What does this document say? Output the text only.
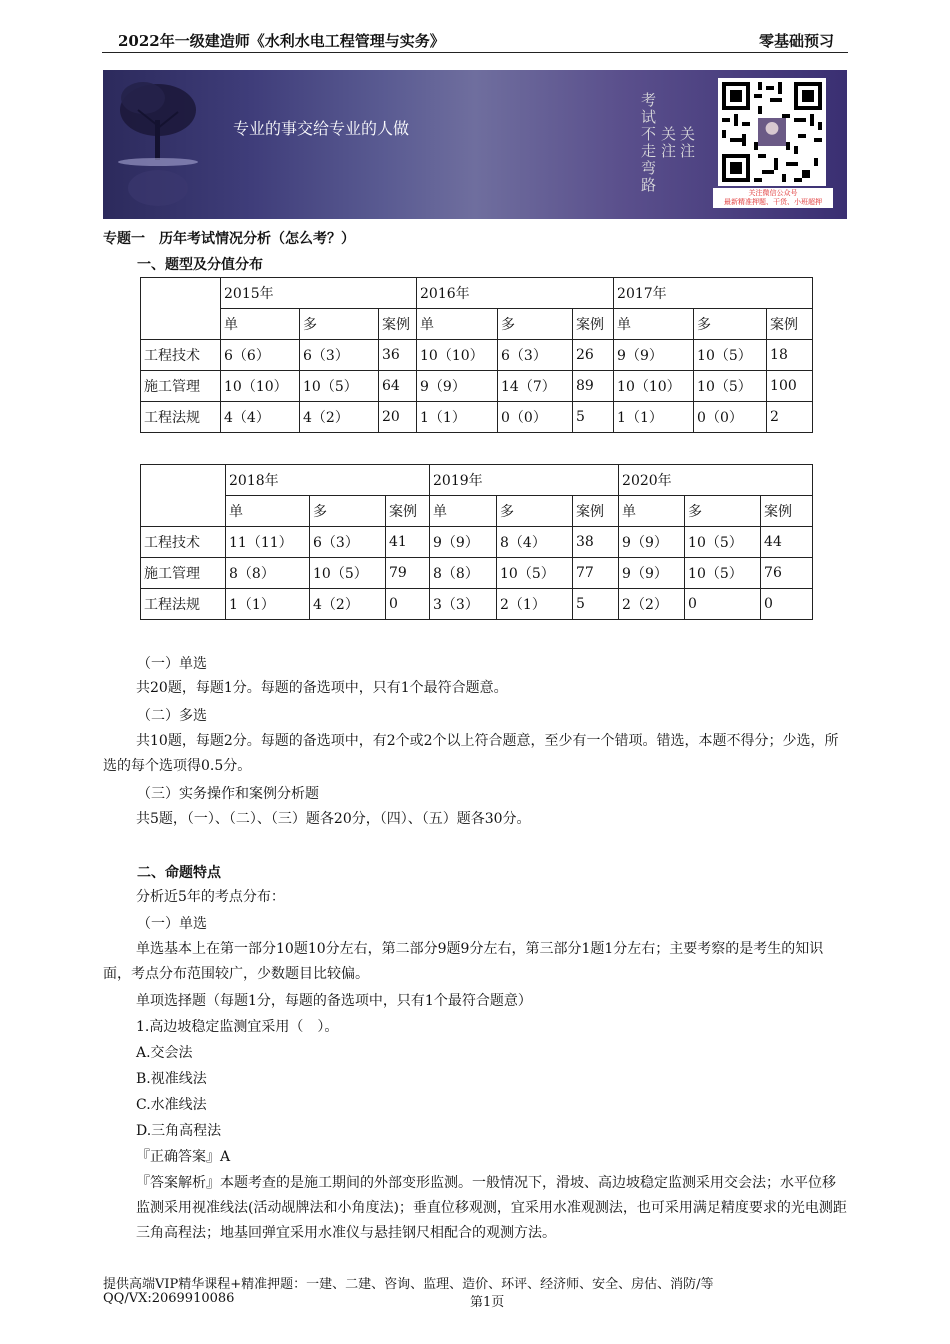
2022年一级建造师《水利水电工程管理与实务》	零基础预习
专业的事交给专业的人做
考试不走弯路
关注
关注
关注微信公众号
最新精准押题、干货、小班超押
专题一　历年考试情况分析（怎么考？）
一、题型及分值分布
	2015年			2016年			2017年		
	单	多	案例	单	多	案例	单	多	案例
工程技术	6（6）	6（3）	36	10（10）	6（3）	26	9（9）	10（5）	18
施工管理	10（10）	10（5）	64	9（9）	14（7）	89	10（10）	10（5）	100
工程法规	4（4）	4（2）	20	1（1）	0（0）	5	1（1）	0（0）	2
	2018年			2019年			2020年		
	单	多	案例	单	多	案例	单	多	案例
工程技术	11（11）	6（3）	41	9（9）	8（4）	38	9（9）	10（5）	44
施工管理	8（8）	10（5）	79	8（8）	10（5）	77	9（9）	10（5）	76
工程法规	1（1）	4（2）	0	3（3）	2（1）	5	2（2）	0	0
（一）单选
共20题，每题1分。每题的备选项中，只有1个最符合题意。
（二）多选
共10题，每题2分。每题的备选项中，有2个或2个以上符合题意，至少有一个错项。错选，本题不得分；少选，所选的每个选项得0.5分。
（三）实务操作和案例分析题
共5题，（一）、（二）、（三）题各20分，（四）、（五）题各30分。
二、命题特点
分析近5年的考点分布：
（一）单选
单选基本上在第一部分10题10分左右，第二部分9题9分左右，第三部分1题1分左右；主要考察的是考生的知识面，考点分布范围较广，少数题目比较偏。
单项选择题（每题1分，每题的备选项中，只有1个最符合题意）
1.高边坡稳定监测宜采用（　）。
A.交会法
B.视准线法
C.水准线法
D.三角高程法
『正确答案』A
『答案解析』本题考查的是施工期间的外部变形监测。一般情况下，滑坡、高边坡稳定监测采用交会法；水平位移监测采用视准线法(活动觇牌法和小角度法)；垂直位移观测，宜采用水准观测法，也可采用满足精度要求的光电测距三角高程法；地基回弹宜采用水准仪与悬挂钢尺相配合的观测方法。
提供高端VIP精华课程+精准押题：一建、二建、咨询、监理、造价、环评、经济师、安全、房估、消防/等
QQ/VX:2069910086	第1页
